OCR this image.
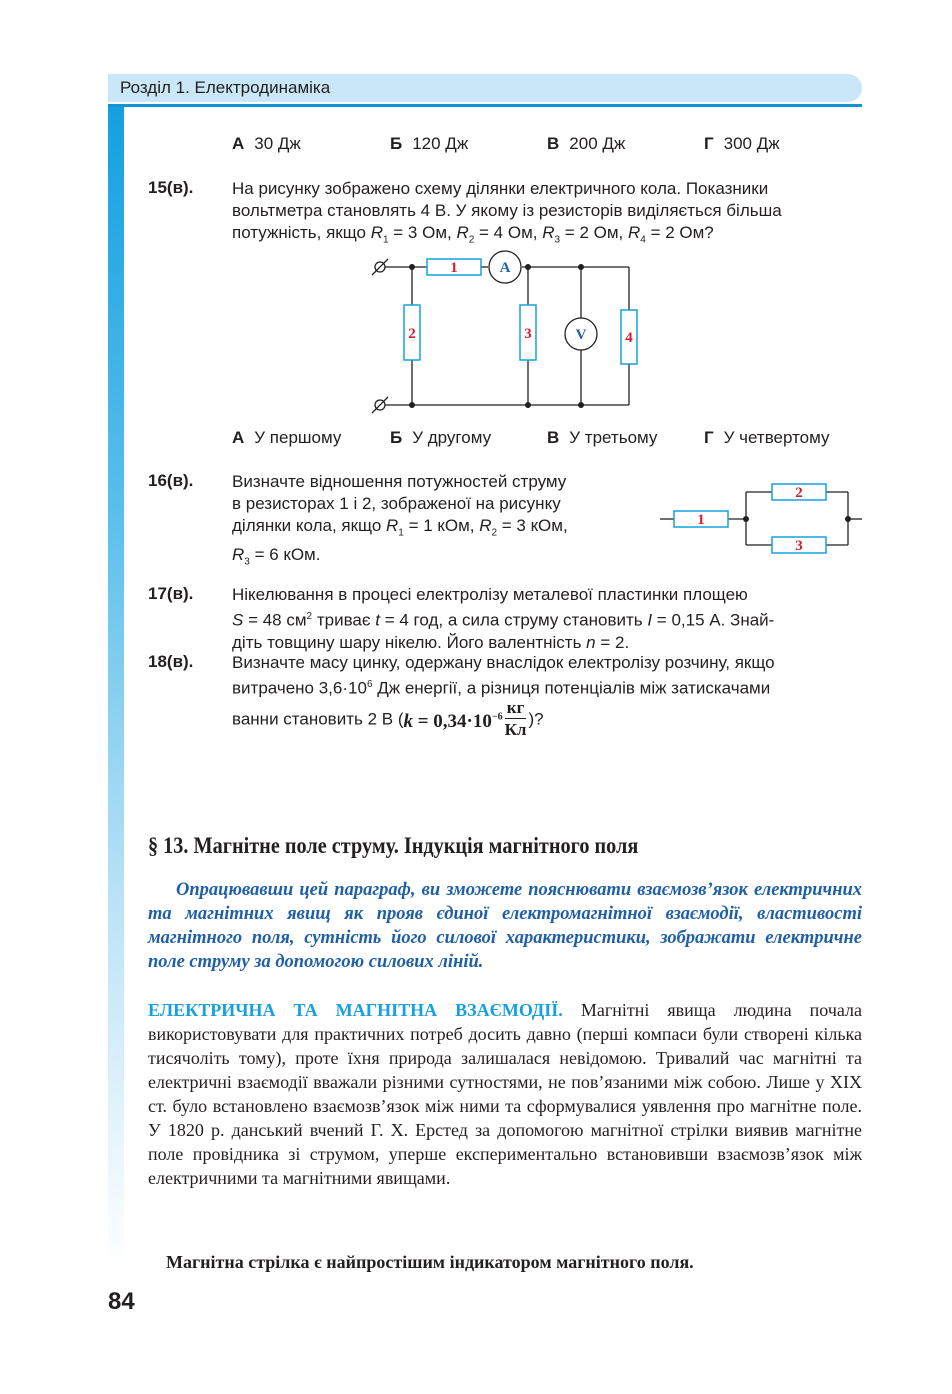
Розділ 1. Електродинаміка
А 30 Дж	Б 120 Дж	В 200 Дж	Г 300 Дж
15(в). На рисунку зображено схему ділянки електричного кола. Показники
вольтметра становлять 4 В. У якому із резисторів виділяється більша
потужність, якщо $R_1 = 3$ Ом, $R_2 = 4$ Ом, $R_3 = 2$ Ом, $R_4 = 2$ Ом?
1
2	3	4
A
V
А У першому	Б У другому	В У третьому	Г У четвертому
16(в). Визначте відношення потужностей струму
в резисторах 1 і 2, зображеної на рисунку
ділянки кола, якщо $R_1 = 1$ кОм, $R_2 = 3$ кОм,
$R_3 = 6$ кОм.
1
2
3
17(в). Нікелювання в процесі електролізу металевої пластинки площею
S = 48 $см^2$ триває t = 4 год, а сила струму становить I = 0,15 А. Знай-
діть товщину шару нікелю. Його валентність n = 2.
18(в). Визначте масу цинку, одержану внаслідок електролізу розчину, якщо
витрачено $3,6\cdot 10^6$ Дж енергії, а різниця потенціалів між затискачами
ванни становить 2 В ($k = 0,34\cdot 10^{-6} \frac{кг}{Кл}$ )?
§ 13. Магнітне поле струму. Індукція магнітного поля

Опрацювавши цей параграф, ви зможете пояснювати взаємозв’язок електричних та магнітних явищ як прояв єдиної електромагнітної взаємодії, властивості магнітного поля, сутність його силової характеристики, зображати електричне поле струму за допомогою силових ліній.

ЕЛЕКТРИЧНА ТА МАГНІТНА ВЗАЄМОДІЇ. Магнітні явища людина почала використовувати для практичних потреб досить давно (перші компаси були створені кілька тисячоліть тому), проте їхня природа залишалася невідомою. Тривалий час магнітні та електричні взаємодії вважали різними сутностями, не пов’язаними між собою. Лише у XIX ст. було встановлено взаємозв’язок між ними та сформувалися уявлення про магнітне поле. У 1820 р. данський вчений Г. Х. Ерстед за допомогою магнітної стрілки виявив магнітне поле провідника зі струмом, уперше експериментально встановивши взаємозв’язок між електричними та магнітними явищами.
Магнітна стрілка є найпростішим індикатором магнітного поля.
84
